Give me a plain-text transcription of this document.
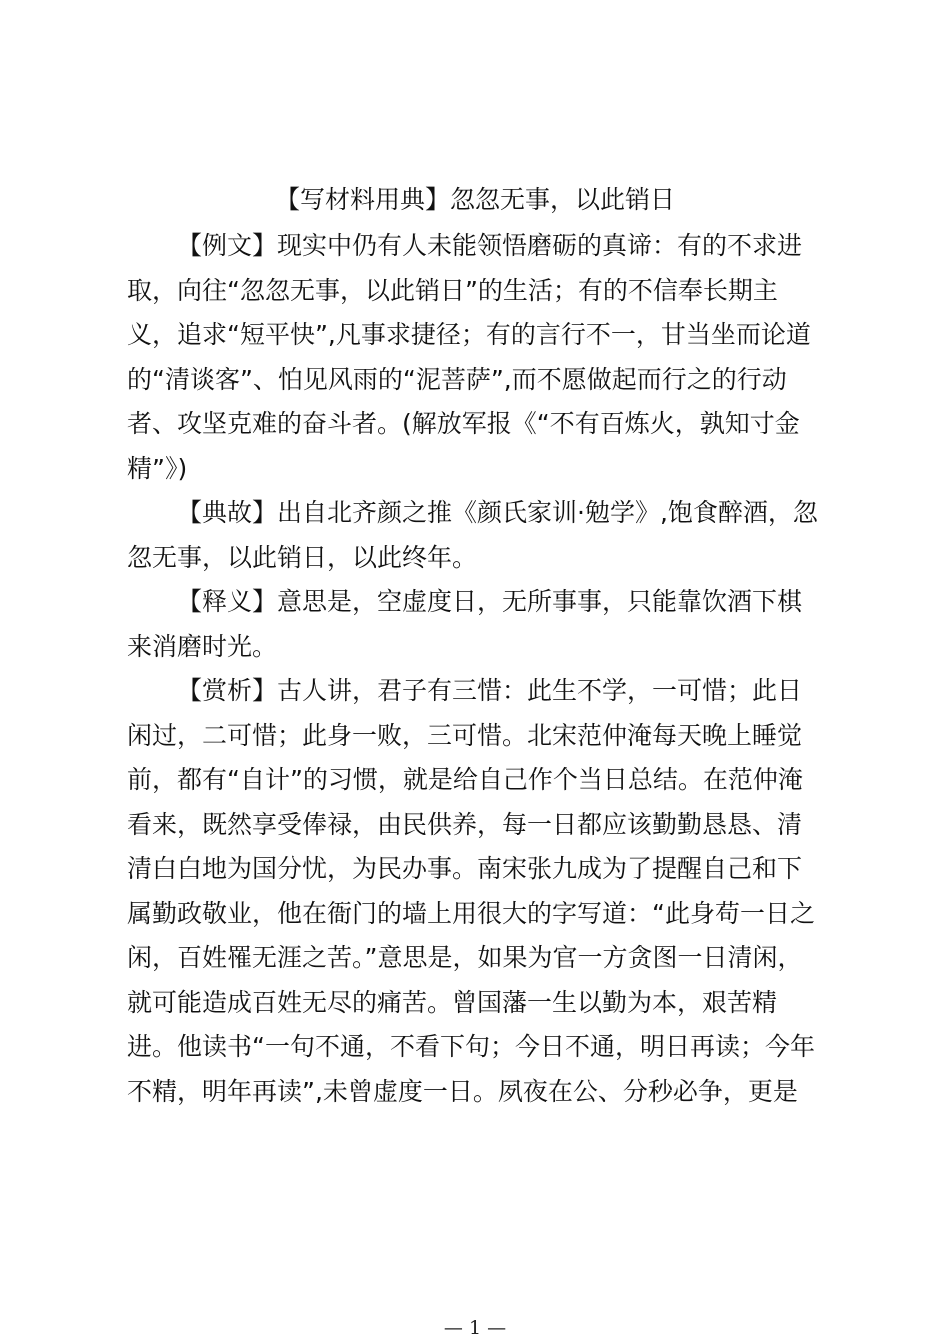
【写材料用典】忽忽无事，以此销日
【例文】现实中仍有人未能领悟磨砺的真谛：有的不求进
取，向往“忽忽无事，以此销日”的生活；有的不信奉长期主
义，追求“短平快”,凡事求捷径；有的言行不一，甘当坐而论道
的“清谈客”、怕见风雨的“泥菩萨”,而不愿做起而行之的行动
者、攻坚克难的奋斗者。(解放军报《“不有百炼火，孰知寸金
精”》)
【典故】出自北齐颜之推《颜氏家训·勉学》,饱食醉酒，忽
忽无事，以此销日，以此终年。
【释义】意思是，空虚度日，无所事事，只能靠饮酒下棋
来消磨时光。
【赏析】古人讲，君子有三惜：此生不学，一可惜；此日
闲过，二可惜；此身一败，三可惜。北宋范仲淹每天晚上睡觉
前，都有“自计”的习惯，就是给自己作个当日总结。在范仲淹
看来，既然享受俸禄，由民供养，每一日都应该勤勤恳恳、清
清白白地为国分忧，为民办事。南宋张九成为了提醒自己和下
属勤政敬业，他在衙门的墙上用很大的字写道：“此身苟一日之
闲，百姓罹无涯之苦。”意思是，如果为官一方贪图一日清闲，
就可能造成百姓无尽的痛苦。曾国藩一生以勤为本，艰苦精
进。他读书“一句不通，不看下句；今日不通，明日再读；今年
不精，明年再读”,未曾虚度一日。夙夜在公、分秒必争，更是
— 1 —
